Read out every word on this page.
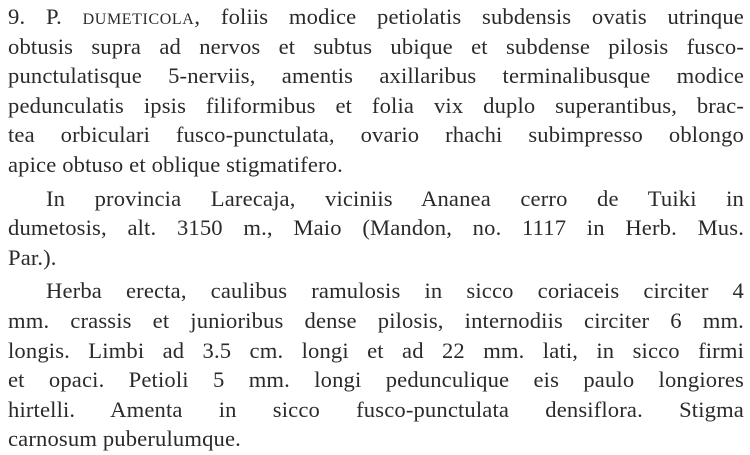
9. P. dumeticola, foliis modice petiolatis subdensis ovatis utrinque
obtusis supra ad nervos et subtus ubique et subdense pilosis fusco-
punctulatisque 5-nerviis, amentis axillaribus terminalibusque modice
pedunculatis ipsis filiformibus et folia vix duplo superantibus, brac-
tea orbiculari fusco-punctulata, ovario rhachi subimpresso oblongo
apice obtuso et oblique stigmatifero.
In provincia Larecaja, viciniis Ananea cerro de Tuiki in
dumetosis, alt. 3150 m., Maio (Mandon, no. 1117 in Herb. Mus.
Par.).
Herba erecta, caulibus ramulosis in sicco coriaceis circiter 4
mm. crassis et junioribus dense pilosis, internodiis circiter 6 mm.
longis. Limbi ad 3.5 cm. longi et ad 22 mm. lati, in sicco firmi
et opaci. Petioli 5 mm. longi pedunculique eis paulo longiores
hirtelli. Amenta in sicco fusco-punctulata densiflora. Stigma
carnosum puberulumque.
